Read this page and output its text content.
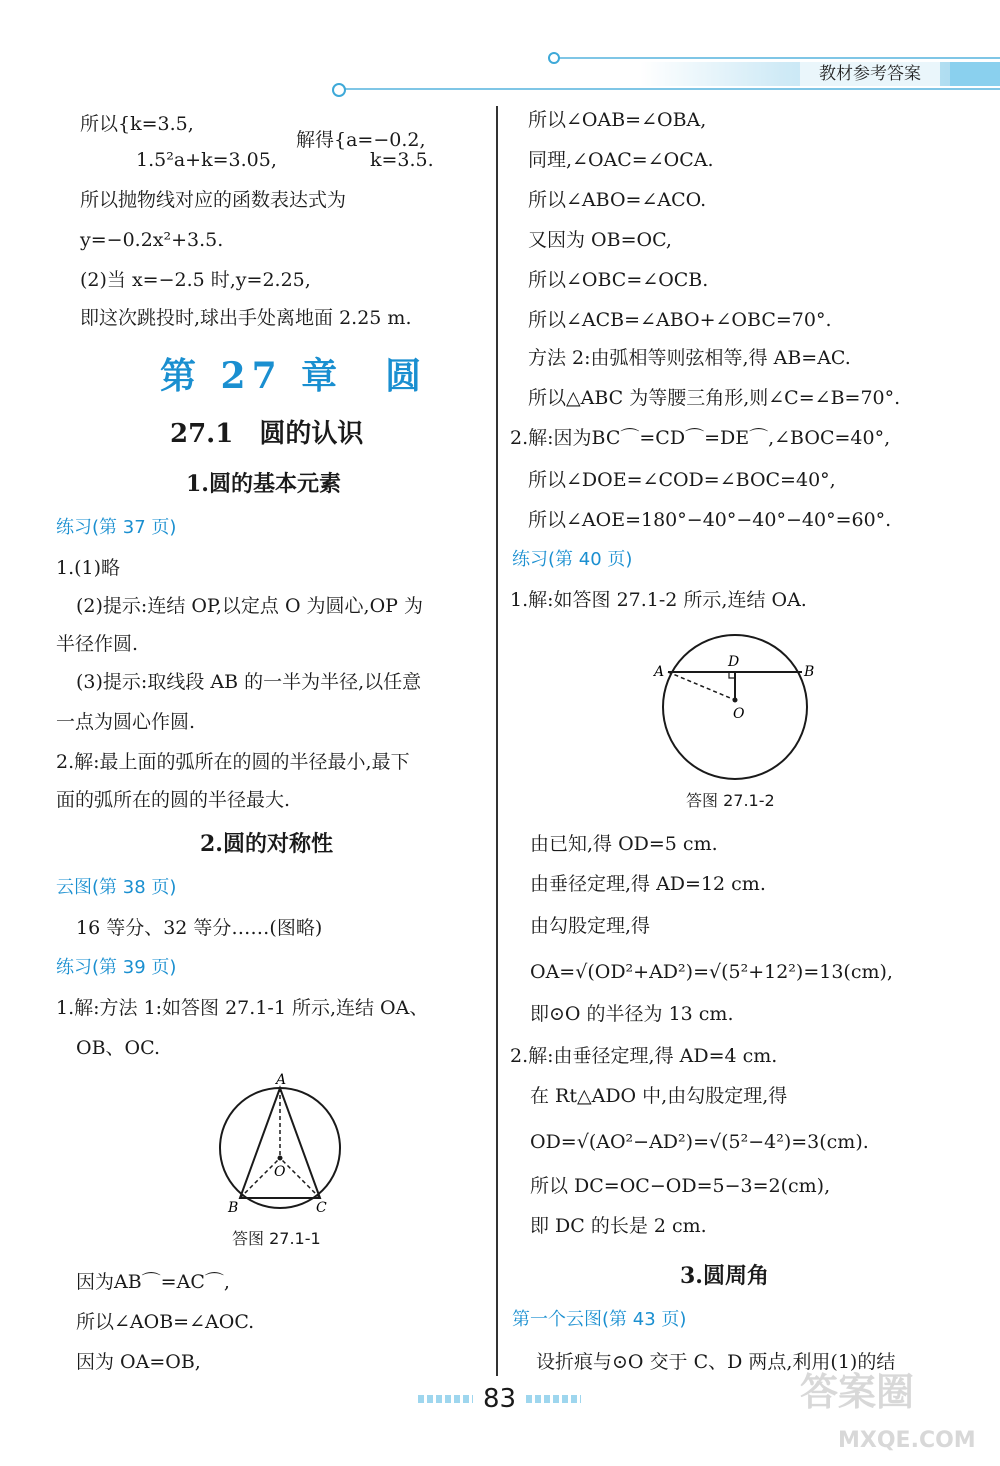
教材参考答案
所以{k=3.5,
1.5²a+k=3.05,
解得{a=−0.2,
k=3.5.
所以抛物线对应的函数表达式为
y=−0.2x²+3.5.
(2)当 x=−2.5 时,y=2.25,
即这次跳投时,球出手处离地面 2.25 m.
第 27 章　圆
27.1　圆的认识
1.圆的基本元素
练习(第 37 页)
1.(1)略
(2)提示:连结 OP,以定点 O 为圆心,OP 为
半径作圆.
(3)提示:取线段 AB 的一半为半径,以任意
一点为圆心作圆.
2.解:最上面的弧所在的圆的半径最小,最下
面的弧所在的圆的半径最大.
2.圆的对称性
云图(第 38 页)
16 等分、32 等分……(图略)
练习(第 39 页)
1.解:方法 1:如答图 27.1-1 所示,连结 OA、
OB、OC.
A
B	C
O
答图 27.1-1
因为AB⌒=AC⌒,
所以∠AOB=∠AOC.
因为 OA=OB,
所以∠OAB=∠OBA,
同理,∠OAC=∠OCA.
所以∠ABO=∠ACO.
又因为 OB=OC,
所以∠OBC=∠OCB.
所以∠ACB=∠ABO+∠OBC=70°.
方法 2:由弧相等则弦相等,得 AB=AC.
所以△ABC 为等腰三角形,则∠C=∠B=70°.
2.解:因为BC⌒=CD⌒=DE⌒,∠BOC=40°,
所以∠DOE=∠COD=∠BOC=40°,
所以∠AOE=180°−40°−40°−40°=60°.
练习(第 40 页)
1.解:如答图 27.1-2 所示,连结 OA.
A	B
D
O
答图 27.1-2
由已知,得 OD=5 cm.
由垂径定理,得 AD=12 cm.
由勾股定理,得
OA=√(OD²+AD²)=√(5²+12²)=13(cm),
即⊙O 的半径为 13 cm.
2.解:由垂径定理,得 AD=4 cm.
在 Rt△ADO 中,由勾股定理,得
OD=√(AO²−AD²)=√(5²−4²)=3(cm).
所以 DC=OC−OD=5−3=2(cm),
即 DC 的长是 2 cm.
3.圆周角
第一个云图(第 43 页)
设折痕与⊙O 交于 C、D 两点,利用(1)的结
83	答案圈
MXQE.COM
